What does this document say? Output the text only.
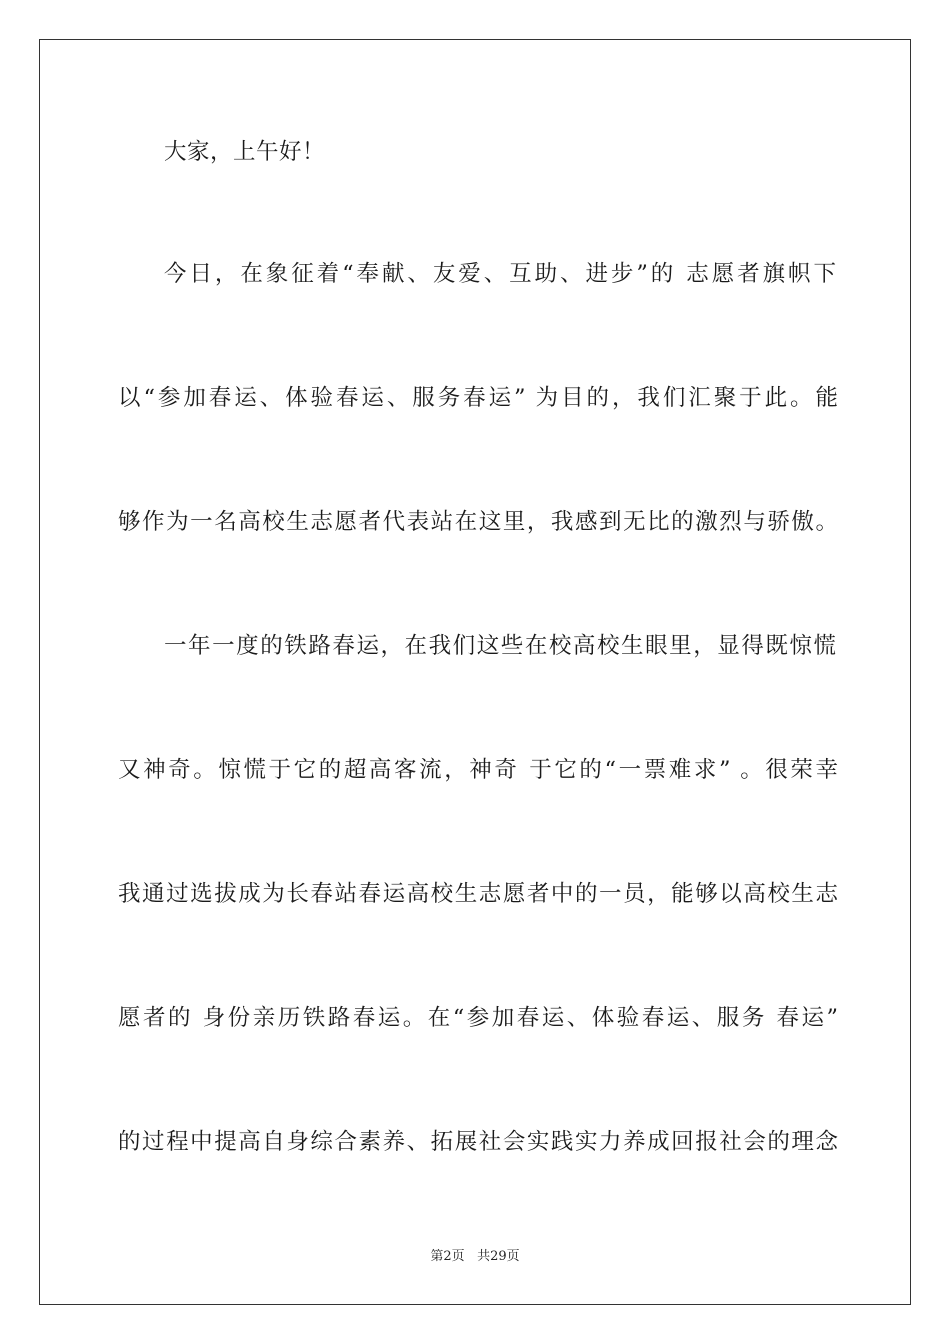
大家，上午好！
今日，在象征着“奉献、友爱、互助、进步”的 志愿者旗帜下
以“参加春运、体验春运、服务春运” 为目的，我们汇聚于此。能
够作为一名高校生志愿者代表站在这里，我感到无比的激烈与骄傲。
一年一度的铁路春运，在我们这些在校高校生眼里，显得既惊慌
又神奇。惊慌于它的超高客流，神奇 于它的“一票难求” 。很荣幸
我通过选拔成为长春站春运高校生志愿者中的一员，能够以高校生志
愿者的 身份亲历铁路春运。在“参加春运、体验春运、服务 春运”
的过程中提高自身综合素养、拓展社会实践实力养成回报社会的理念
第2页 共29页
